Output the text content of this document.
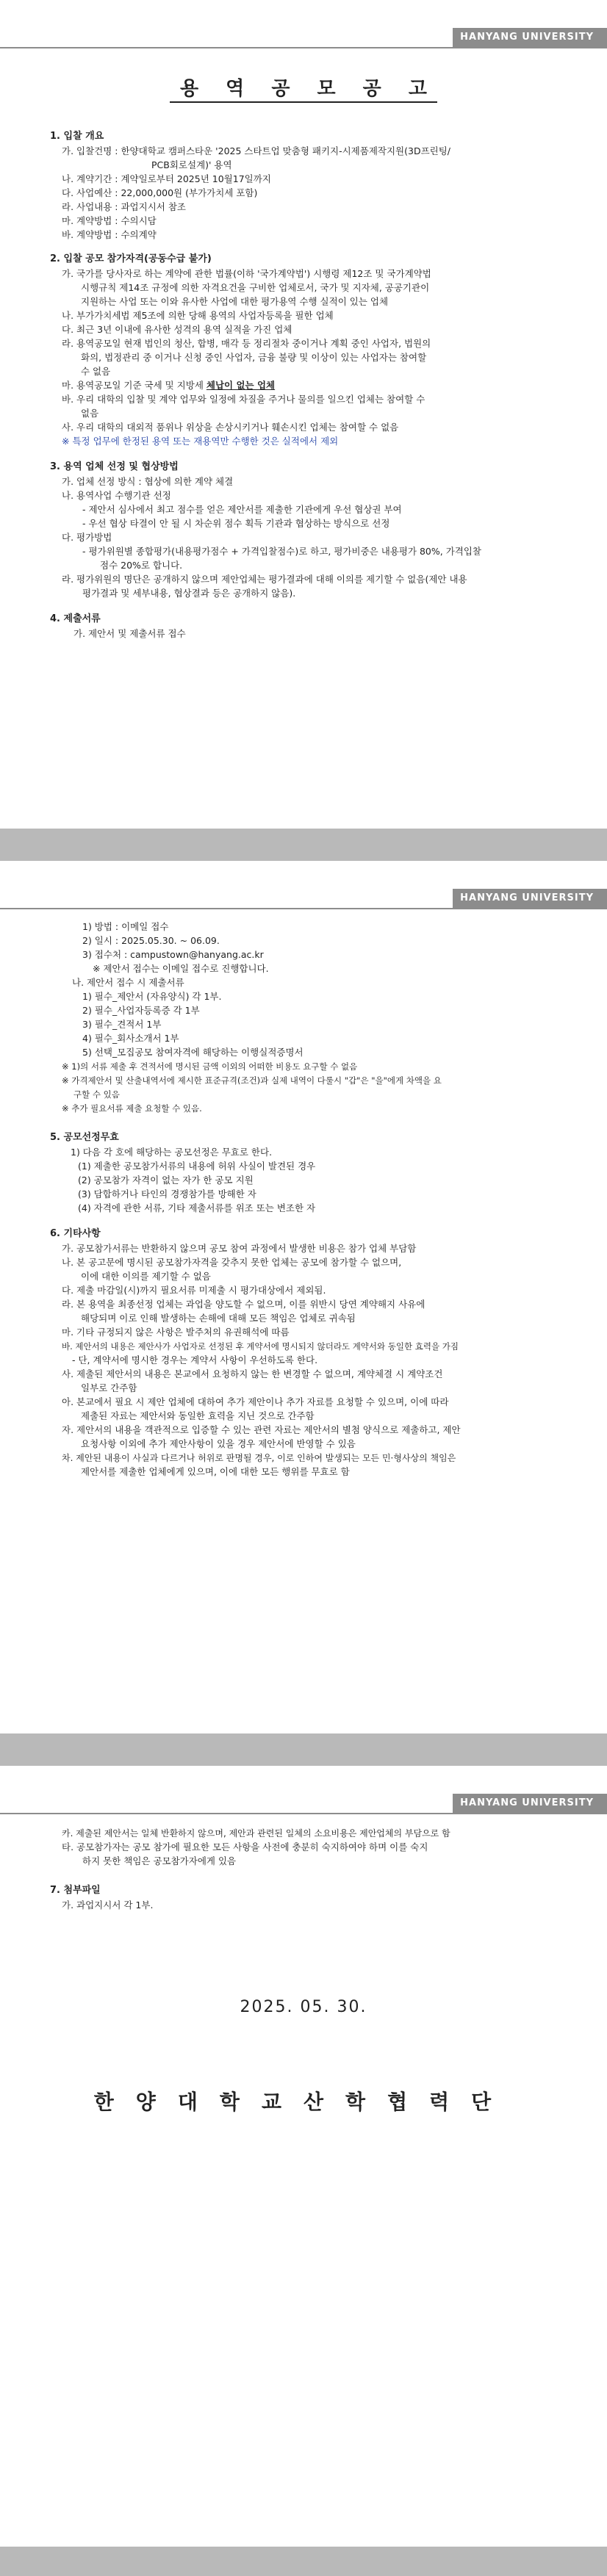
HANYANG UNIVERSITY
용 역 공 모 공 고
1. 입찰 개요
가. 입찰건명 : 한양대학교 캠퍼스타운 '2025 스타트업 맞춤형 패키지-시제품제작지원(3D프린팅/
PCB회로설계)' 용역
나. 계약기간 : 계약일로부터 2025년 10월17일까지
다. 사업예산 : 22,000,000원 (부가가치세 포함)
라. 사업내용 : 과업지시서 참조
마. 계약방법 : 수의시담
바. 계약방법 : 수의계약
2. 입찰 공모 참가자격(공동수급 불가)
가. 국가를 당사자로 하는 계약에 관한 법률(이하 '국가계약법') 시행령 제12조 및 국가계약법
시행규칙 제14조 규정에 의한 자격요건을 구비한 업체로서, 국가 및 지자체, 공공기관이
지원하는 사업 또는 이와 유사한 사업에 대한 평가용역 수행 실적이 있는 업체
나. 부가가치세법 제5조에 의한 당해 용역의 사업자등록을 필한 업체
다. 최근 3년 이내에 유사한 성격의 용역 실적을 가진 업체
라. 용역공모일 현재 법인의 청산, 합병, 매각 등 정리절차 중이거나 계획 중인 사업자, 법원의
화의, 법정관리 중 이거나 신청 중인 사업자, 금융 불량 및 이상이 있는 사업자는 참여할
수 없음
마. 용역공모일 기준 국세 및 지방세 체납이 없는 업체
바. 우리 대학의 입찰 및 계약 업무와 일정에 차질을 주거나 물의를 일으킨 업체는 참여할 수
없음
사. 우리 대학의 대외적 품위나 위상을 손상시키거나 훼손시킨 업체는 참여할 수 없음
※ 특정 업무에 한정된 용역 또는 재용역만 수행한 것은 실적에서 제외
3. 용역 업체 선정 및 협상방법
가. 업체 선정 방식 : 협상에 의한 계약 체결
나. 용역사업 수행기관 선정
- 제안서 심사에서 최고 점수를 얻은 제안서를 제출한 기관에게 우선 협상권 부여
- 우선 협상 타결이 안 될 시 차순위 점수 획득 기관과 협상하는 방식으로 선정
다. 평가방법
- 평가위원별 종합평가(내용평가점수 + 가격입찰점수)로 하고, 평가비중은 내용평가 80%, 가격입찰
점수 20%로 합니다.
라. 평가위원의 명단은 공개하지 않으며 제안업체는 평가결과에 대해 이의를 제기할 수 없음(제안 내용
평가결과 및 세부내용, 협상결과 등은 공개하지 않음).
4. 제출서류
가. 제안서 및 제출서류 접수
HANYANG UNIVERSITY
1) 방법 : 이메일 접수
2) 일시 : 2025.05.30. ~ 06.09.
3) 접수처 : campustown@hanyang.ac.kr
※ 제안서 접수는 이메일 접수로 진행합니다.
나. 제안서 접수 시 제출서류
1) 필수_제안서 (자유양식) 각 1부.
2) 필수_사업자등록증 각 1부
3) 필수_견적서 1부
4) 필수_회사소개서 1부
5) 선택_모집공모 참여자격에 해당하는 이행실적증명서
※ 1)의 서류 제출 후 견적서에 명시된 금액 이외의 어떠한 비용도 요구할 수 없음
※ 가격제안서 및 산출내역서에 제시한 표준규격(조건)과 실제 내역이 다룰시 "갑"은 "을"에게 차액을 요
구할 수 있음
※ 추가 필요서류 제출 요청할 수 있음.
5. 공모선정무효
1) 다음 각 호에 해당하는 공모선정은 무효로 한다.
(1) 제출한 공모참가서류의 내용에 허위 사실이 발견된 경우
(2) 공모참가 자격이 없는 자가 한 공모 지원
(3) 담합하거나 타인의 경쟁참가를 방해한 자
(4) 자격에 관한 서류, 기타 제출서류를 위조 또는 변조한 자
6. 기타사항
가. 공모참가서류는 반환하지 않으며 공모 참여 과정에서 발생한 비용은 참가 업체 부담함
나. 본 공고문에 명시된 공모참가자격을 갖추지 못한 업체는 공모에 참가할 수 없으며,
이에 대한 이의를 제기할 수 없음
다. 제출 마감일(시)까지 필요서류 미제출 시 평가대상에서 제외됨.
라. 본 용역을 최종선정 업체는 과업을 양도할 수 없으며, 이를 위반시 당연 계약해지 사유에
해당되며 이로 인해 발생하는 손해에 대해 모든 책임은 업체로 귀속됨
마. 기타 규정되지 않은 사항은 발주처의 유권해석에 따름
바. 제안서의 내용은 제안사가 사업자로 선정된 후 계약서에 명시되지 않더라도 계약서와 동일한 효력을 가짐
- 단, 계약서에 명시한 경우는 계약서 사항이 우선하도록 한다.
사. 제출된 제안서의 내용은 본교에서 요청하지 않는 한 변경할 수 없으며, 계약체결 시 계약조건
일부로 간주함
아. 본교에서 필요 시 제안 업체에 대하여 추가 제안이나 추가 자료를 요청할 수 있으며, 이에 따라
제출된 자료는 제안서와 동일한 효력을 지닌 것으로 간주함
자. 제안서의 내용을 객관적으로 입증할 수 있는 관련 자료는 제안서의 별첨 양식으로 제출하고, 제안
요청사항 이외에 추가 제안사항이 있을 경우 제안서에 반영할 수 있음
차. 제안된 내용이 사실과 다르거나 허위로 판명될 경우, 이로 인하여 발생되는 모든 민·형사상의 책임은
제안서를 제출한 업체에게 있으며, 이에 대한 모든 행위를 무효로 함
HANYANG UNIVERSITY
카. 제출된 제안서는 일체 반환하지 않으며, 제안과 관련된 일체의 소요비용은 제안업체의 부담으로 함
타. 공모참가자는 공모 참가에 필요한 모든 사항을 사전에 충분히 숙지하여야 하며 이를 숙지
하지 못한 책임은 공모참가자에게 있음
7. 첨부파일
가. 과업지시서 각 1부.
2025. 05. 30.
한양대학교산학협력단
